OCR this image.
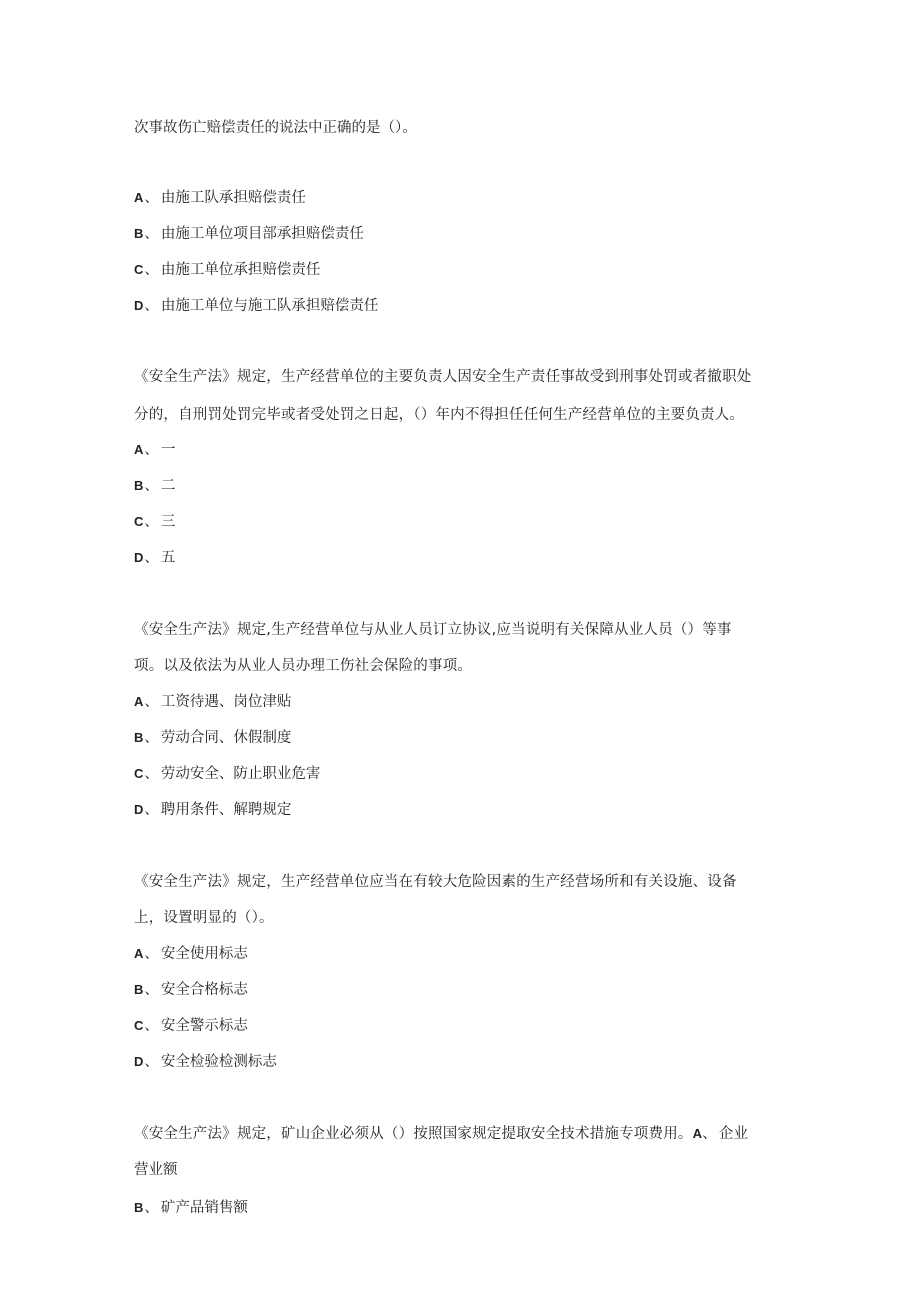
次事故伤亡赔偿责任的说法中正确的是（）。
A、 由施工队承担赔偿责任
B、 由施工单位项目部承担赔偿责任
C、 由施工单位承担赔偿责任
D、 由施工单位与施工队承担赔偿责任
《安全生产法》规定，生产经营单位的主要负责人因安全生产责任事故受到刑事处罚或者撤职处
分的，自刑罚处罚完毕或者受处罚之日起，（）年内不得担任任何生产经营单位的主要负责人。
A、 一
B、 二
C、 三
D、 五
《安全生产法》规定,生产经营单位与从业人员订立协议,应当说明有关保障从业人员（）等事
项。以及依法为从业人员办理工伤社会保险的事项。
A、 工资待遇、岗位津贴
B、 劳动合同、休假制度
C、 劳动安全、防止职业危害
D、 聘用条件、解聘规定
《安全生产法》规定，生产经营单位应当在有较大危险因素的生产经营场所和有关设施、设备
上，设置明显的（）。
A、 安全使用标志
B、 安全合格标志
C、 安全警示标志
D、 安全检验检测标志
《安全生产法》规定，矿山企业必须从（）按照国家规定提取安全技术措施专项费用。A、 企业
营业额
B、 矿产品销售额
